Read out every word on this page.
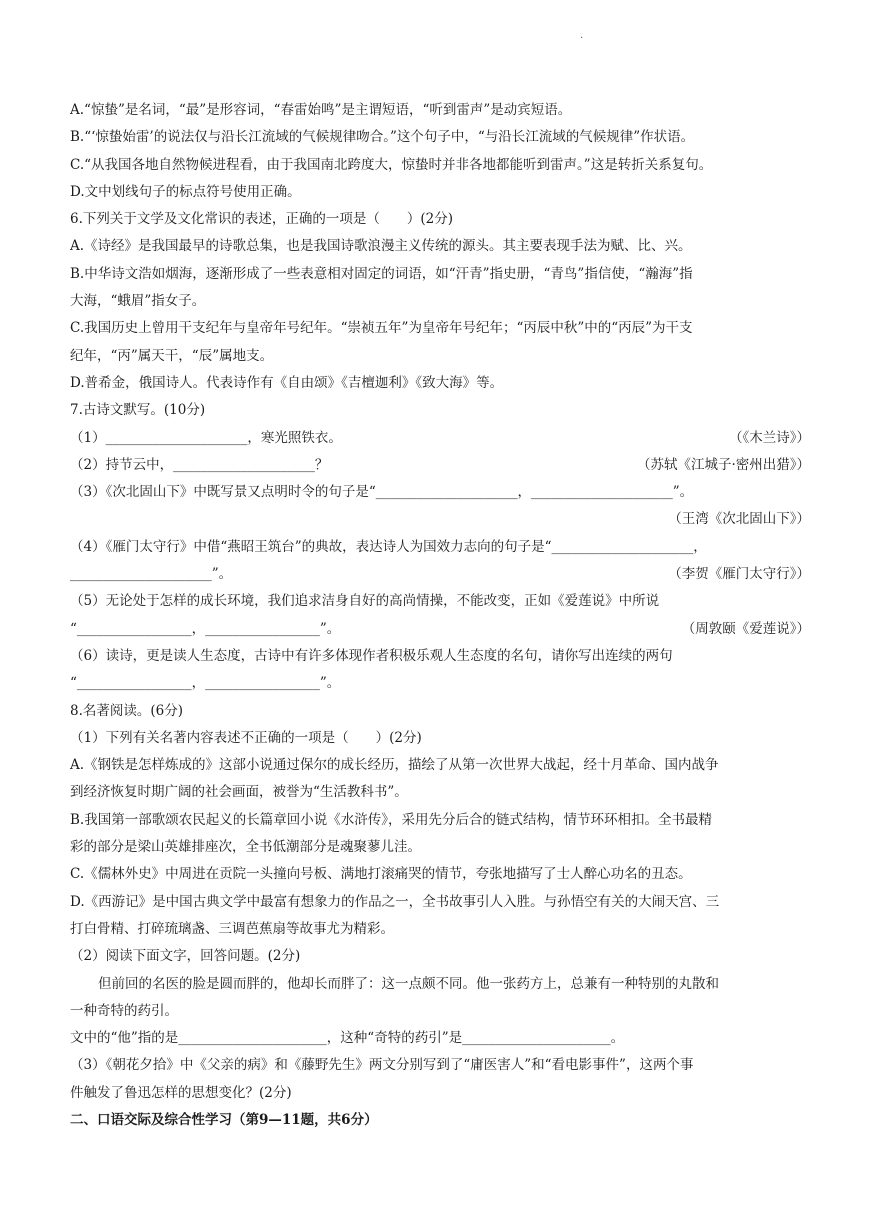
.
A.“惊蛰”是名词，“最”是形容词，“春雷始鸣”是主谓短语，“听到雷声”是动宾短语。
B.“‘惊蛰始雷’的说法仅与沿长江流域的气候规律吻合。”这个句子中，“与沿长江流域的气候规律”作状语。
C.“从我国各地自然物候进程看，由于我国南北跨度大，惊蛰时并非各地都能听到雷声。”这是转折关系复句。
D.文中划线句子的标点符号使用正确。
6.下列关于文学及文化常识的表述，正确的一项是（　　）(2分)
A.《诗经》是我国最早的诗歌总集，也是我国诗歌浪漫主义传统的源头。其主要表现手法为赋、比、兴。
B.中华诗文浩如烟海，逐渐形成了一些表意相对固定的词语，如“汗青”指史册，“青鸟”指信使，“瀚海”指
大海，“蛾眉”指女子。
C.我国历史上曾用干支纪年与皇帝年号纪年。“崇祯五年”为皇帝年号纪年；“丙辰中秋”中的“丙辰”为干支
纪年，“丙”属天干，“辰”属地支。
D.普希金，俄国诗人。代表诗作有《自由颂》《吉檀迦利》《致大海》等。
7.古诗文默写。(10分)
（1）_____________________，寒光照铁衣。	（《木兰诗》）
（2）持节云中，_____________________？	（苏轼《江城子·密州出猎》）
（3）《次北固山下》中既写景又点明时令的句子是“_____________________，_____________________”。
（王湾《次北固山下》）
（4）《雁门太守行》中借“燕昭王筑台”的典故，表达诗人为国效力志向的句子是“_____________________，
_____________________”。	（李贺《雁门太守行》）
（5）无论处于怎样的成长环境，我们追求洁身自好的高尚情操，不能改变，正如《爱莲说》中所说
“_________________，_________________”。	（周敦颐《爱莲说》）
（6）读诗，更是读人生态度，古诗中有许多体现作者积极乐观人生态度的名句，请你写出连续的两句
“_________________，_________________”。
8.名著阅读。(6分)
（1）下列有关名著内容表述不正确的一项是（　　）(2分)
A.《钢铁是怎样炼成的》这部小说通过保尔的成长经历，描绘了从第一次世界大战起，经十月革命、国内战争
到经济恢复时期广阔的社会画面，被誉为“生活教科书”。
B.我国第一部歌颂农民起义的长篇章回小说《水浒传》，采用先分后合的链式结构，情节环环相扣。全书最精
彩的部分是梁山英雄排座次，全书低潮部分是魂聚蓼儿洼。
C.《儒林外史》中周进在贡院一头撞向号板、满地打滚痛哭的情节，夸张地描写了士人醉心功名的丑态。
D.《西游记》是中国古典文学中最富有想象力的作品之一，全书故事引人入胜。与孙悟空有关的大闹天宫、三
打白骨精、打碎琉璃盏、三调芭蕉扇等故事尤为精彩。
（2）阅读下面文字，回答问题。(2分)
但前回的名医的脸是圆而胖的，他却长而胖了：这一点颇不同。他一张药方上，总兼有一种特别的丸散和
一种奇特的药引。
文中的“他”指的是______________________，这种“奇特的药引”是______________________。
（3）《朝花夕拾》中《父亲的病》和《藤野先生》两文分别写到了“庸医害人”和“看电影事件”，这两个事
件触发了鲁迅怎样的思想变化？(2分)
二、口语交际及综合性学习（第9—11题，共6分）
